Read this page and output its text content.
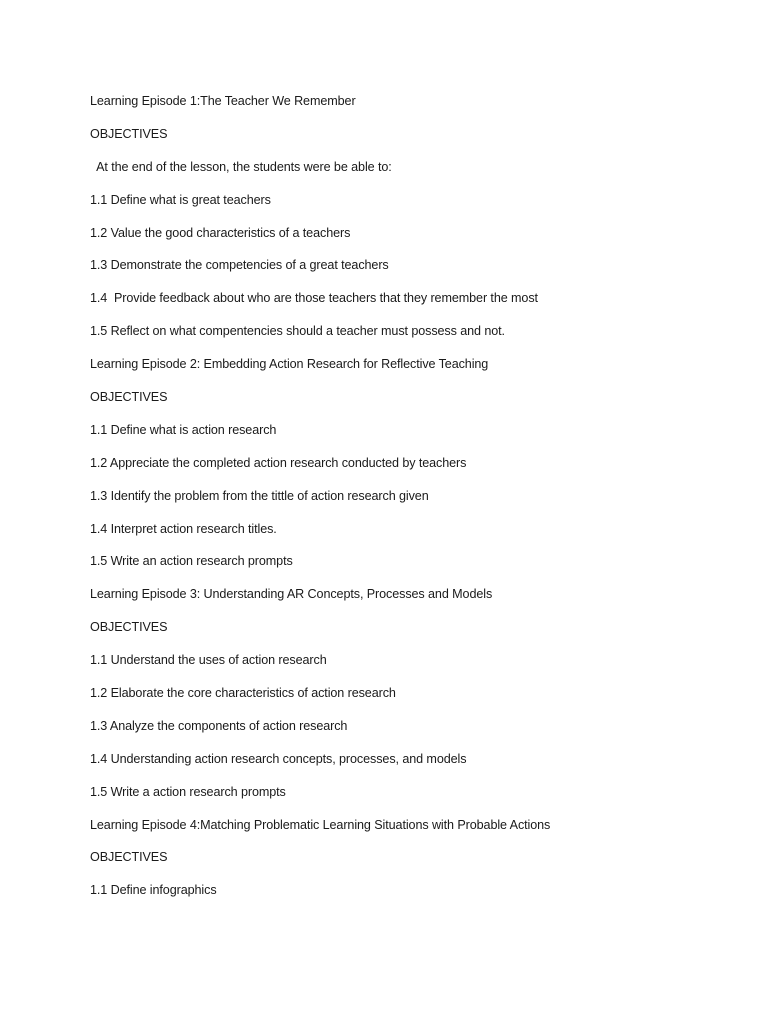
Learning Episode 1:The Teacher We Remember
OBJECTIVES
At the end of the lesson, the students were be able to:
1.1 Define what is great teachers
1.2 Value the good characteristics of a teachers
1.3 Demonstrate the competencies of a great teachers
1.4  Provide feedback about who are those teachers that they remember the most
1.5 Reflect on what compentencies should a teacher must possess and not.
Learning Episode 2: Embedding Action Research for Reflective Teaching
OBJECTIVES
1.1 Define what is action research
1.2 Appreciate the completed action research conducted by teachers
1.3 Identify the problem from the tittle of action research given
1.4 Interpret action research titles.
1.5 Write an action research prompts
Learning Episode 3: Understanding AR Concepts, Processes and Models
OBJECTIVES
1.1 Understand the uses of action research
1.2 Elaborate the core characteristics of action research
1.3 Analyze the components of action research
1.4 Understanding action research concepts, processes, and models
1.5 Write a action research prompts
Learning Episode 4:Matching Problematic Learning Situations with Probable Actions
OBJECTIVES
1.1 Define infographics
